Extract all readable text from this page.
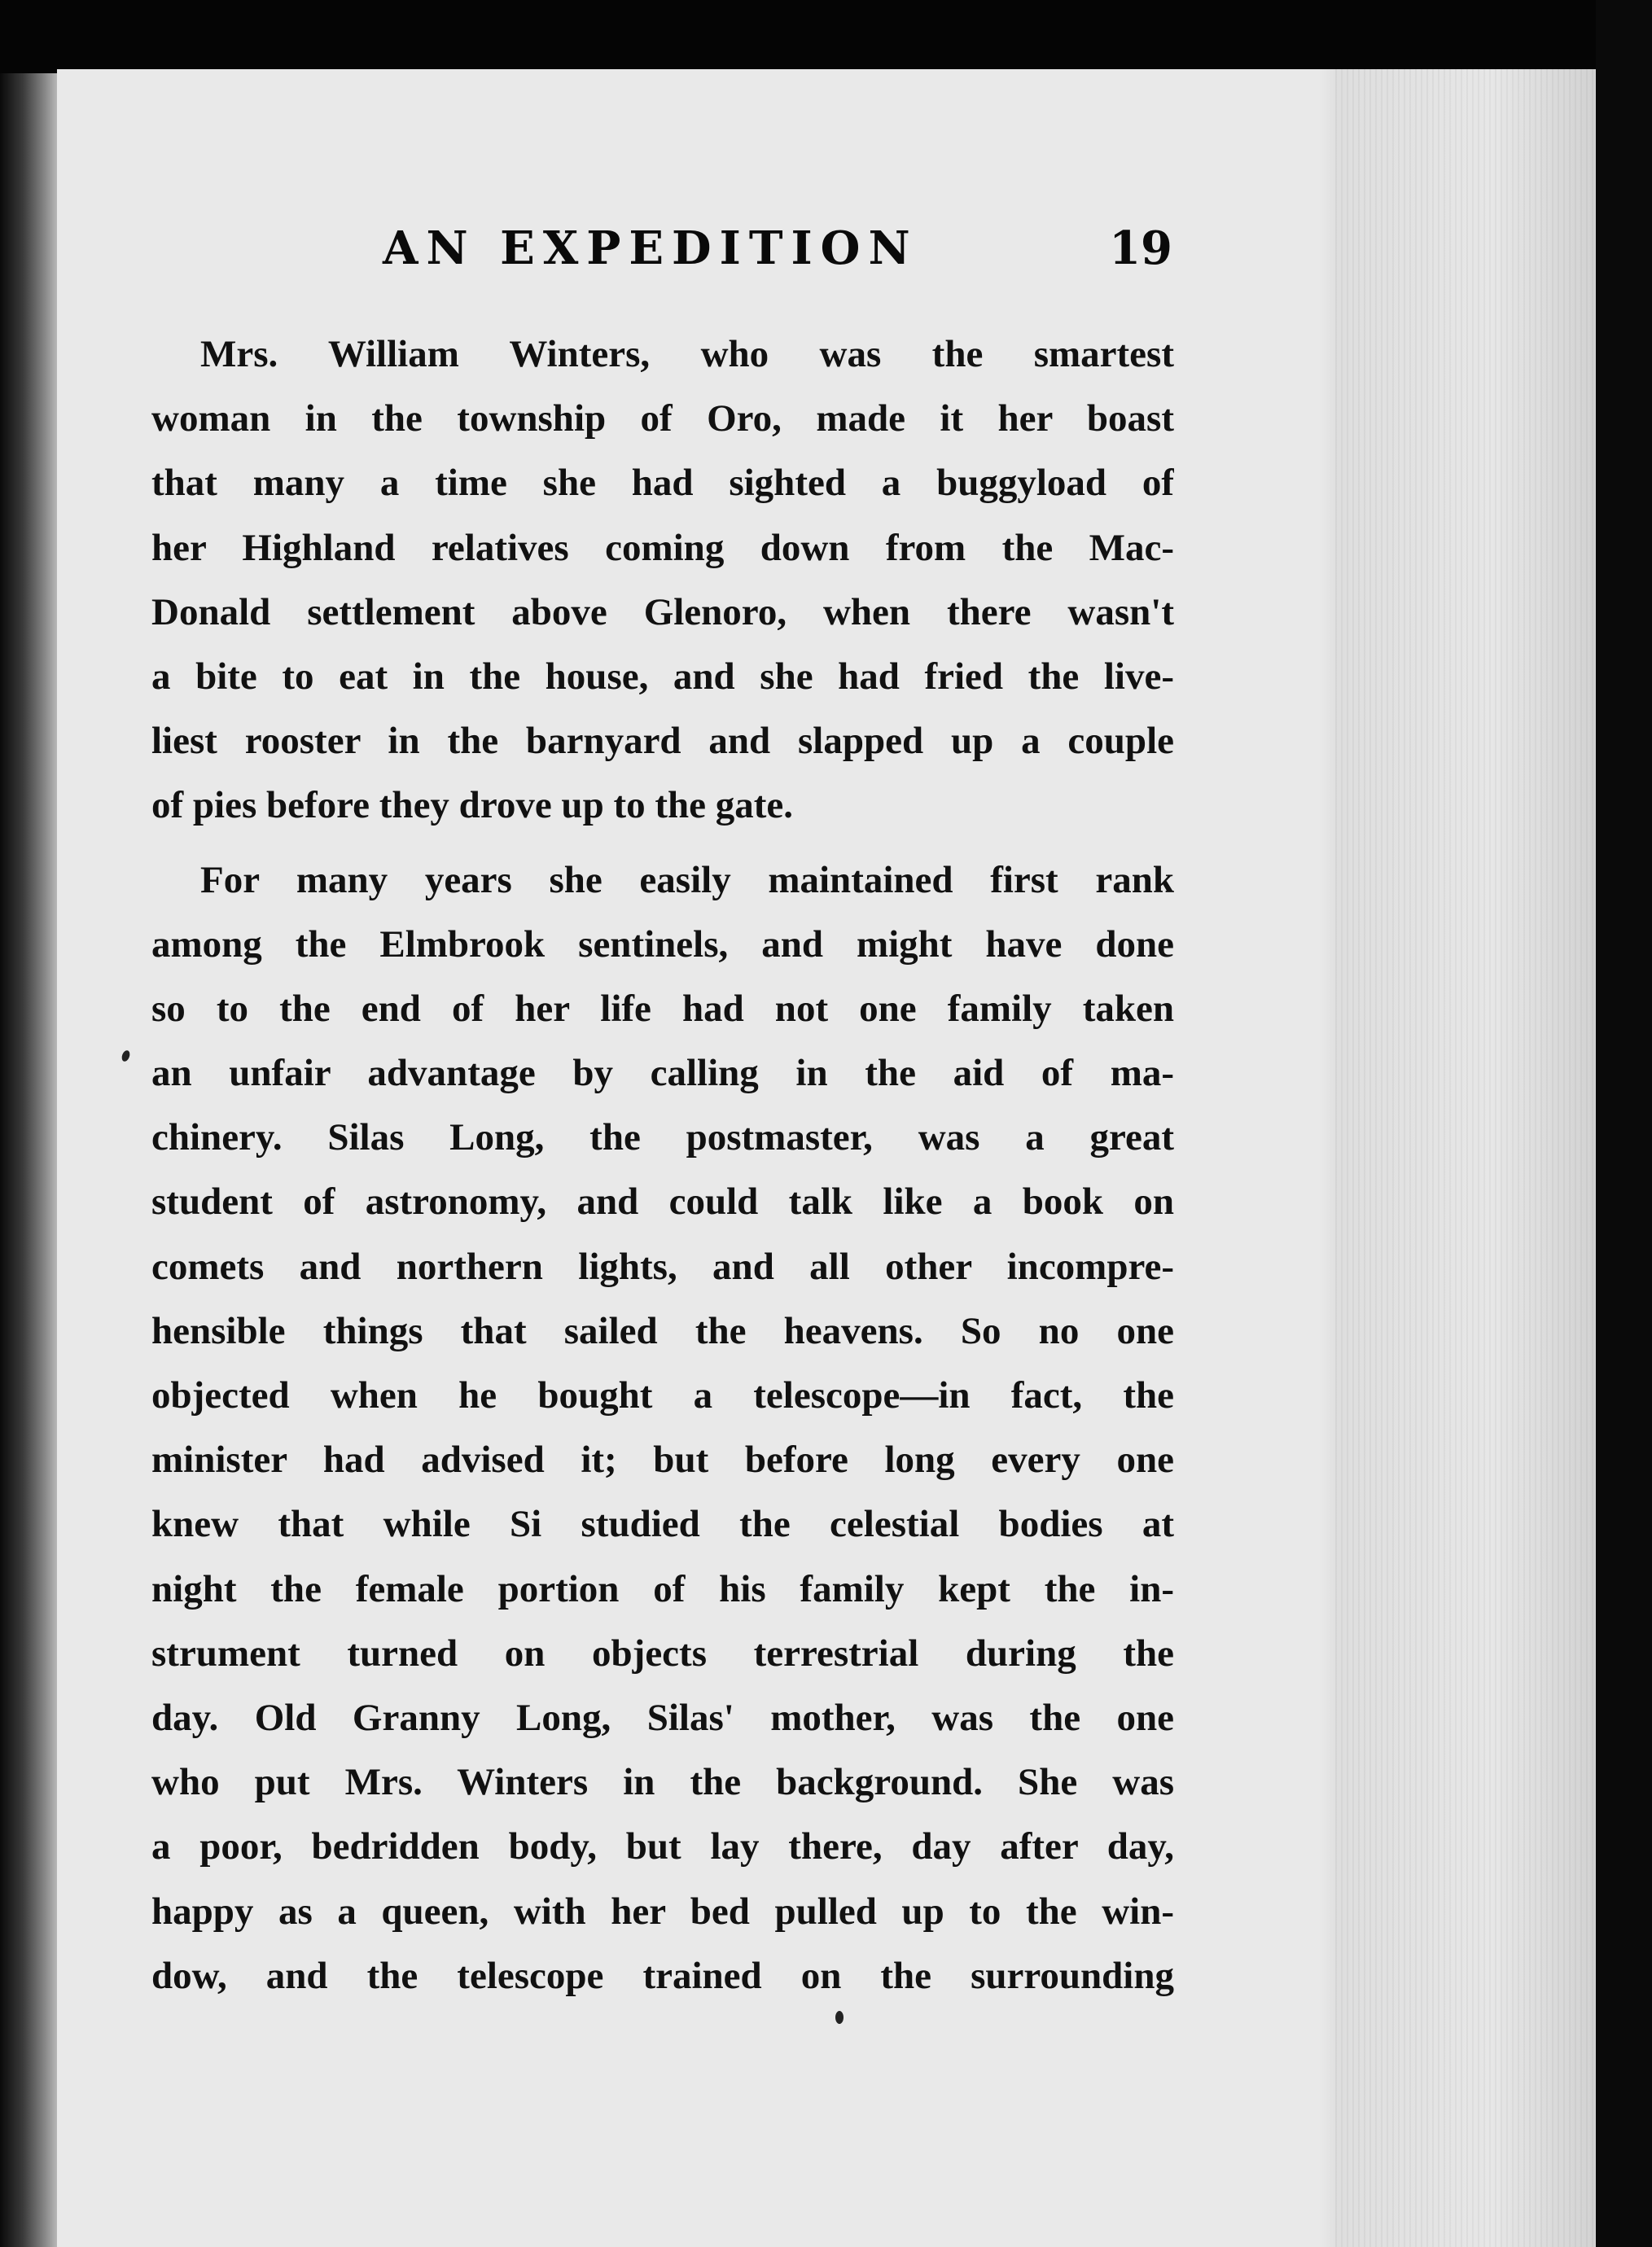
AN EXPEDITION	19
Mrs. William Winters, who was the smartest
woman in the township of Oro, made it her boast
that many a time she had sighted a buggyload of
her Highland relatives coming down from the Mac-
Donald settlement above Glenoro, when there wasn't
a bite to eat in the house, and she had fried the live-
liest rooster in the barnyard and slapped up a couple
of pies before they drove up to the gate.
For many years she easily maintained first rank
among the Elmbrook sentinels, and might have done
so to the end of her life had not one family taken
an unfair advantage by calling in the aid of ma-
chinery. Silas Long, the postmaster, was a great
student of astronomy, and could talk like a book on
comets and northern lights, and all other incompre-
hensible things that sailed the heavens. So no one
objected when he bought a telescope—in fact, the
minister had advised it; but before long every one
knew that while Si studied the celestial bodies at
night the female portion of his family kept the in-
strument turned on objects terrestrial during the
day. Old Granny Long, Silas' mother, was the one
who put Mrs. Winters in the background. She was
a poor, bedridden body, but lay there, day after day,
happy as a queen, with her bed pulled up to the win-
dow, and the telescope trained on the surrounding
